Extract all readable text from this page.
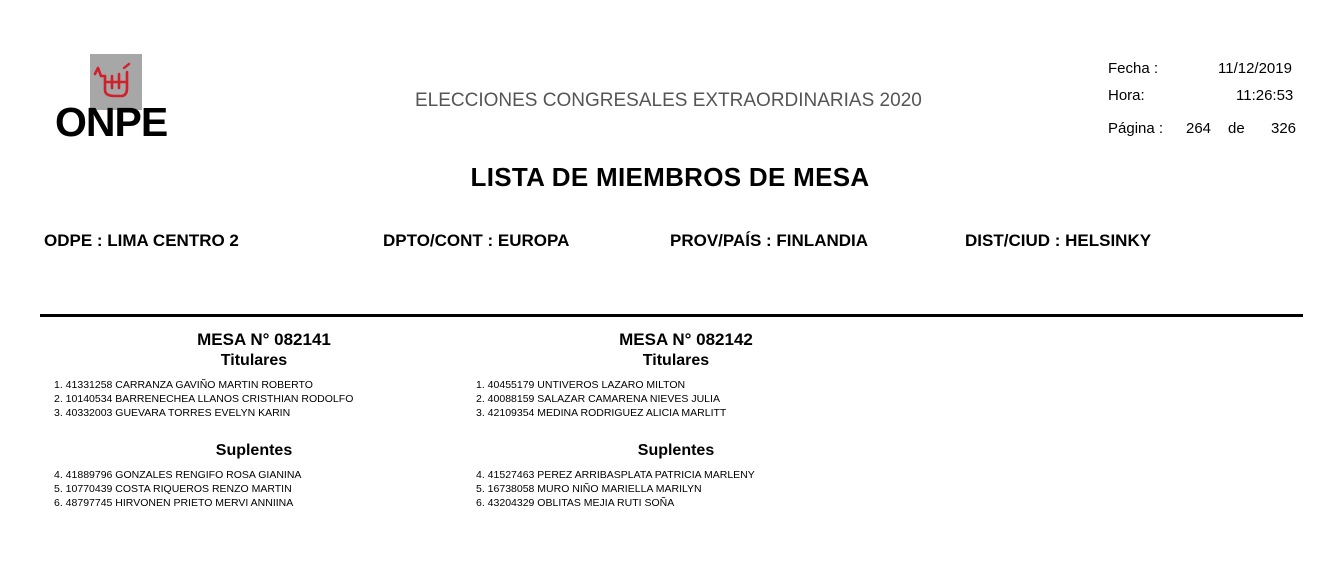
ONPE	ELECCIONES CONGRESALES EXTRAORDINARIAS 2020
Fecha :	11/12/2019
Hora:	11:26:53
Página : 264 de 326
LISTA DE MIEMBROS DE MESA
ODPE : LIMA CENTRO 2	DPTO/CONT : EUROPA	PROV/PAÍS : FINLANDIA	DIST/CIUD : HELSINKY
MESA N° 082141
Titulares
1. 41331258 CARRANZA GAVIÑO MARTIN ROBERTO
2. 10140534 BARRENECHEA LLANOS CRISTHIAN RODOLFO
3. 40332003 GUEVARA TORRES EVELYN KARIN
Suplentes
4. 41889796 GONZALES RENGIFO ROSA GIANINA
5. 10770439 COSTA RIQUEROS RENZO MARTIN
6. 48797745 HIRVONEN PRIETO MERVI ANNIINA
MESA N° 082142
Titulares
1. 40455179 UNTIVEROS LAZARO MILTON
2. 40088159 SALAZAR CAMARENA NIEVES JULIA
3. 42109354 MEDINA RODRIGUEZ ALICIA MARLITT
Suplentes
4. 41527463 PEREZ ARRIBASPLATA PATRICIA MARLENY
5. 16738058 MURO NIÑO MARIELLA MARILYN
6. 43204329 OBLITAS MEJIA RUTI SOÑA
